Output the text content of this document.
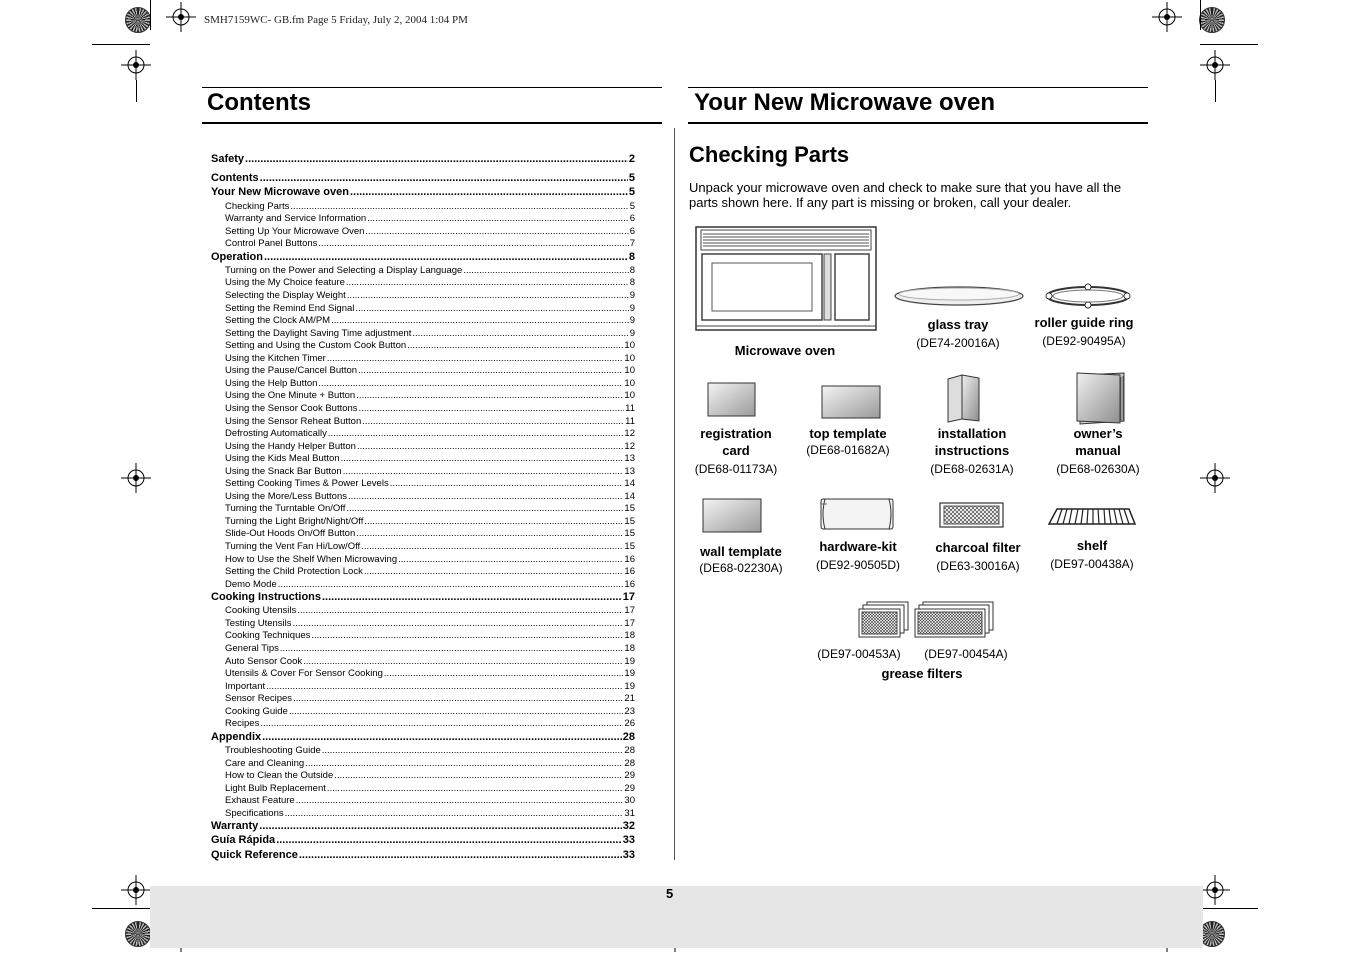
SMH7159WC- GB.fm Page 5 Friday, July 2, 2004 1:04 PM
Contents
Safety .....	2
Contents .....	5
Your New Microwave oven .....	5
Checking Parts .....	5
Warranty and Service Information .....	6
Setting Up Your Microwave Oven .....	6
Control Panel Buttons .....	7
Operation .....	8
Turning on the Power and Selecting a Display Language .....	8
Using the My Choice feature .....	8
Selecting the Display Weight .....	9
Setting the Remind End Signal .....	9
Setting the Clock AM/PM .....	9
Setting the Daylight Saving Time adjustment .....	9
Setting and Using the Custom Cook Button .....	10
Using the Kitchen Timer .....	10
Using the Pause/Cancel Button .....	10
Using the Help Button .....	10
Using the One Minute + Button .....	10
Using the Sensor Cook Buttons .....	11
Using the Sensor Reheat Button .....	11
Defrosting Automatically .....	12
Using the Handy Helper Button .....	12
Using the Kids Meal Button .....	13
Using the Snack Bar Button .....	13
Setting Cooking Times & Power Levels .....	14
Using the More/Less Buttons .....	14
Turning the Turntable On/Off .....	15
Turning the Light Bright/Night/Off .....	15
Slide-Out Hoods On/Off Button .....	15
Turning the Vent Fan Hi/Low/Off .....	15
How to Use the Shelf When Microwaving .....	16
Setting the Child Protection Lock .....	16
Demo Mode .....	16
Cooking Instructions .....	17
Cooking Utensils .....	17
Testing Utensils .....	17
Cooking Techniques .....	18
General Tips .....	18
Auto Sensor Cook .....	19
Utensils & Cover For Sensor Cooking .....	19
Important .....	19
Sensor Recipes .....	21
Cooking Guide .....	23
Recipes .....	26
Appendix .....	28
Troubleshooting Guide .....	28
Care and Cleaning .....	28
How to Clean the Outside .....	29
Light Bulb Replacement .....	29
Exhaust Feature .....	30
Specifications .....	31
Warranty .....	32
Guía Rápida .....	33
Quick Reference .....	33
Your New Microwave oven
Checking Parts
Unpack your microwave oven and check to make sure that you have all the parts shown here. If any part is missing or broken, call your dealer.
Microwave oven
glass tray
(DE74-20016A)
roller guide ring
(DE92-90495A)
registration card
(DE68-01173A)
top template
(DE68-01682A)
installation instructions
(DE68-02631A)
owner’s manual
(DE68-02630A)
wall template
(DE68-02230A)
hardware-kit
(DE92-90505D)
charcoal filter
(DE63-30016A)
shelf
(DE97-00438A)
(DE97-00453A)	(DE97-00454A)
grease filters
5
